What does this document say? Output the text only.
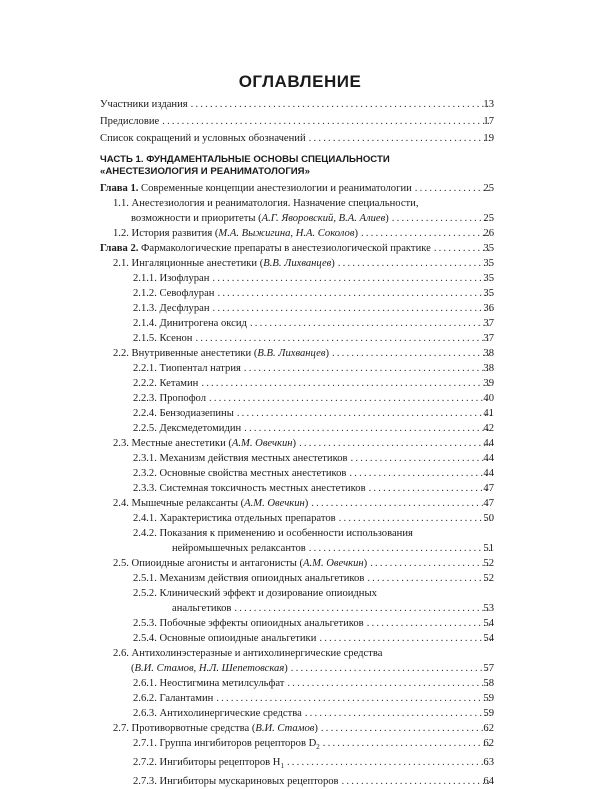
ОГЛАВЛЕНИЕ
Участники издания .....	13
Предисловие .....	17
Список сокращений и условных обозначений .....	19
ЧАСТЬ 1. ФУНДАМЕНТАЛЬНЫЕ ОСНОВЫ СПЕЦИАЛЬНОСТИ
«АНЕСТЕЗИОЛОГИЯ И РЕАНИМАТОЛОГИЯ»
Глава 1. Современные концепции анестезиологии и реаниматологии .....	25
1.1. Анестезиология и реаниматология. Назначение специальности,
возможности и приоритеты (А.Г. Яворовский, В.А. Алиев) .....	25
1.2. История развития (М.А. Выжигина, Н.А. Соколов) .....	26
Глава 2. Фармакологические препараты в анестезиологической практике .....	35
2.1. Ингаляционные анестетики (В.В. Лихванцев) .....	35
2.1.1. Изофлуран .....	35
2.1.2. Севофлуран .....	35
2.1.3. Десфлуран .....	36
2.1.4. Динитрогена оксид .....	37
2.1.5. Ксенон .....	37
2.2. Внутривенные анестетики (В.В. Лихванцев) .....	38
2.2.1. Тиопентал натрия .....	38
2.2.2. Кетамин .....	39
2.2.3. Пропофол .....	40
2.2.4. Бензодиазепины .....	41
2.2.5. Дексмедетомидин .....	42
2.3. Местные анестетики (А.М. Овечкин) .....	44
2.3.1. Механизм действия местных анестетиков .....	44
2.3.2. Основные свойства местных анестетиков .....	44
2.3.3. Системная токсичность местных анестетиков .....	47
2.4. Мышечные релаксанты (А.М. Овечкин) .....	47
2.4.1. Характеристика отдельных препаратов .....	50
2.4.2. Показания к применению и особенности использования
нейромышечных релаксантов .....	51
2.5. Опиоидные агонисты и антагонисты (А.М. Овечкин) .....	52
2.5.1. Механизм действия опиоидных анальгетиков .....	52
2.5.2. Клинический эффект и дозирование опиоидных
анальгетиков .....	53
2.5.3. Побочные эффекты опиоидных анальгетиков .....	54
2.5.4. Основные опиоидные анальгетики .....	54
2.6. Антихолинэстеразные и антихолинергические средства
(В.И. Стамов, Н.Л. Шепетовская) .....	57
2.6.1. Неостигмина метилсульфат .....	58
2.6.2. Галантамин .....	59
2.6.3. Антихолинергические средства .....	59
2.7. Противорвотные средства (В.И. Стамов) .....	62
2.7.1. Группа ингибиторов рецепторов $D_2$ .....	62
2.7.2. Ингибиторы рецепторов $H_1$ .....	63
2.7.3. Ингибиторы мускариновых рецепторов .....	64
